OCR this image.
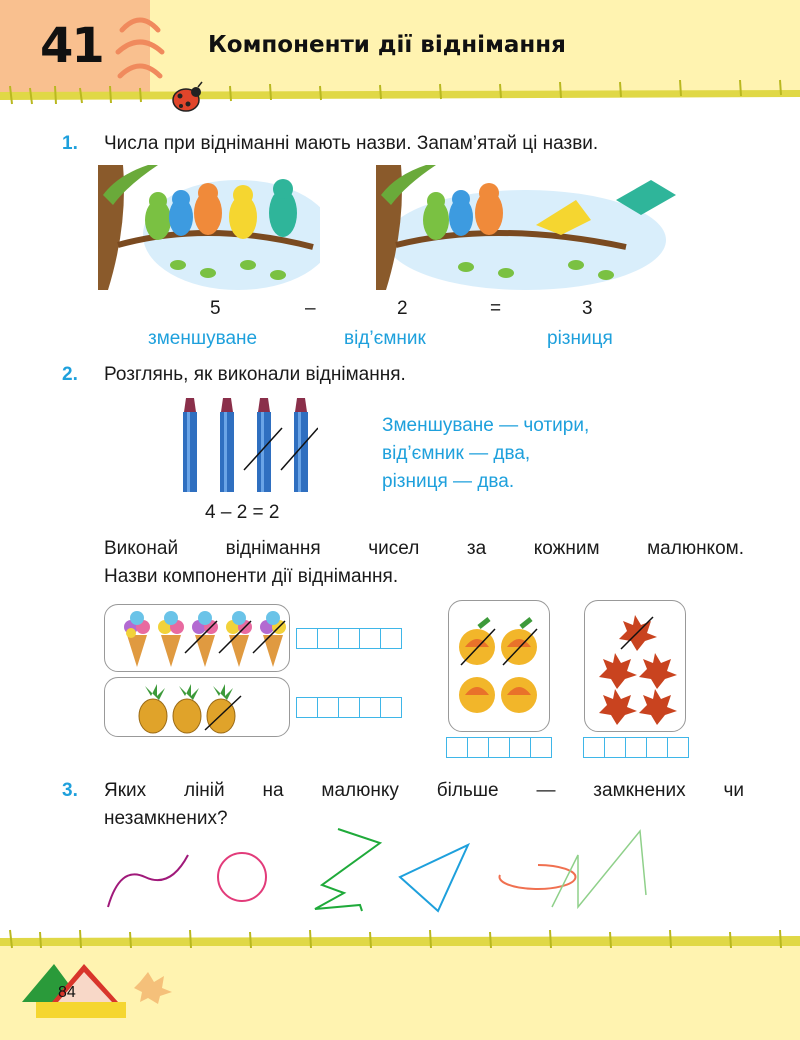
41	Компоненти дії віднімання
1. Числа при відніманні мають назви. Запам’ятай ці назви.
5	–	2	=	3
зменшуване	від’ємник	різниця
2. Розглянь, як виконали віднімання.
4 – 2 = 2
Зменшуване — чотири,
від’ємник — два,
різниця — два.
Виконай віднімання чисел за кожним малюнком.
Назви компоненти дії віднімання.
3. Яких ліній на малюнку більше — замкнених чи
незамкнених?
84
